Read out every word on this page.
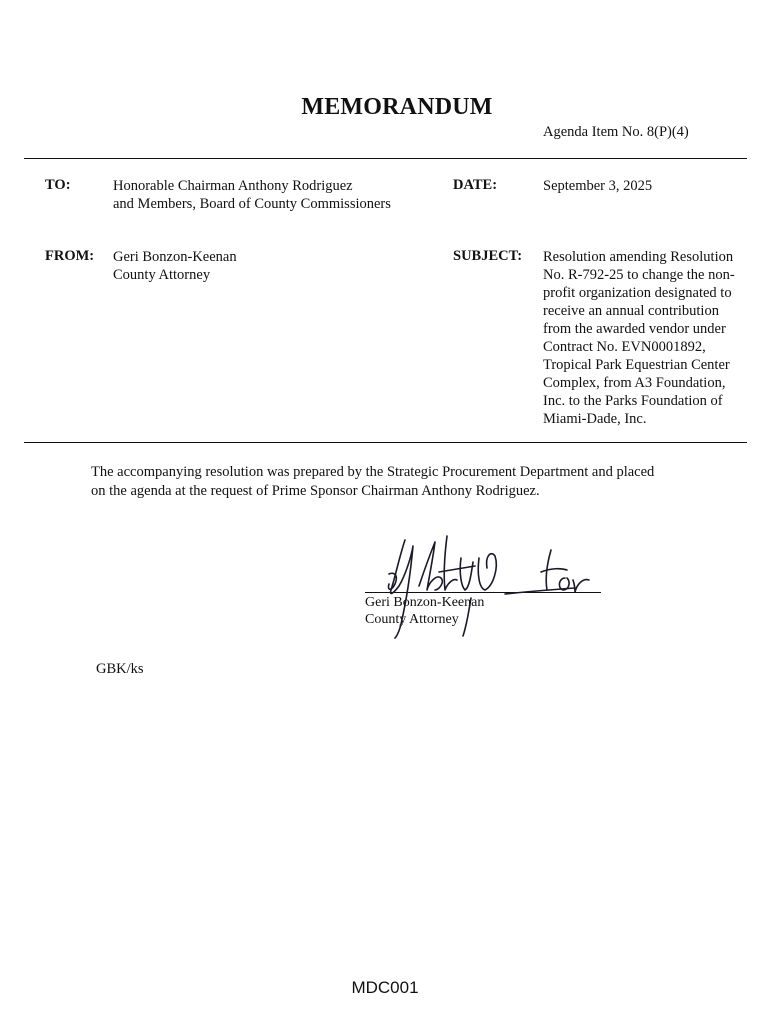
MEMORANDUM
Agenda Item No. 8(P)(4)
TO:	Honorable Chairman Anthony Rodriguez
and Members, Board of County Commissioners
DATE:	September 3, 2025
FROM: Geri Bonzon-Keenan
County Attorney
SUBJECT: Resolution amending Resolution
No. R-792-25 to change the non-
profit organization designated to
receive an annual contribution
from the awarded vendor under
Contract No. EVN0001892,
Tropical Park Equestrian Center
Complex, from A3 Foundation,
Inc. to the Parks Foundation of
Miami-Dade, Inc.
The accompanying resolution was prepared by the Strategic Procurement Department and placed
on the agenda at the request of Prime Sponsor Chairman Anthony Rodriguez.
Geri Bonzon-Keenan
County Attorney
GBK/ks
MDC001
